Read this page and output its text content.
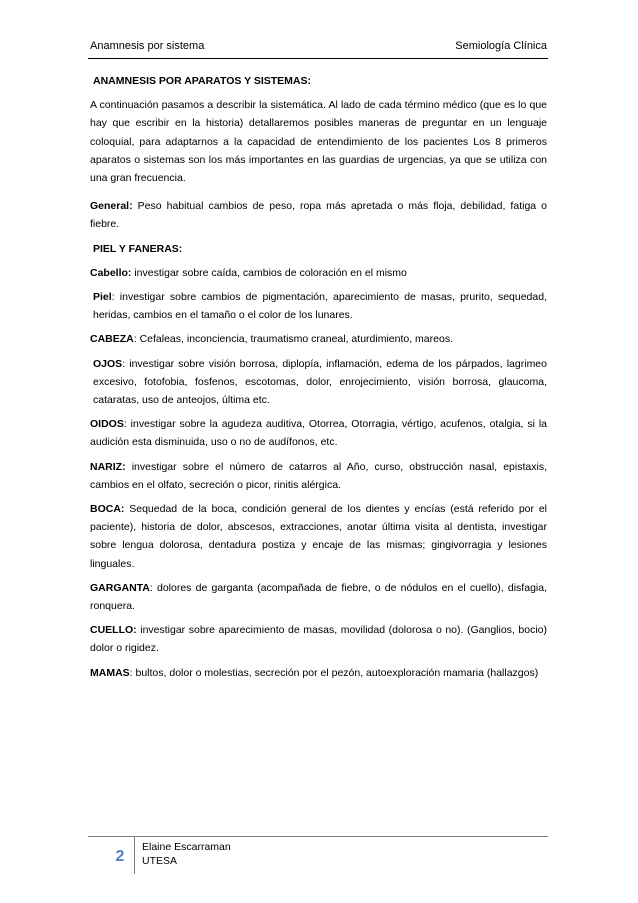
Anamnesis por sistema	Semiología Clínica

ANAMNESIS POR APARATOS Y SISTEMAS:

A continuación pasamos a describir la sistemática. Al lado de cada término médico (que es lo que hay que escribir en la historia) detallaremos posibles maneras de preguntar en un lenguaje coloquial, para adaptarnos a la capacidad de entendimiento de los pacientes Los 8 primeros aparatos o sistemas son los más importantes en las guardias de urgencias, ya que se utiliza con una gran frecuencia.

General: Peso habitual cambios de peso, ropa más apretada o más floja, debilidad, fatiga o fiebre.

PIEL Y FANERAS:

Cabello: investigar sobre caída, cambios de coloración en el mismo

Piel: investigar sobre cambios de pigmentación, aparecimiento de masas, prurito, sequedad, heridas, cambios en el tamaño o el color de los lunares.

CABEZA: Cefaleas, inconciencia, traumatismo craneal, aturdimiento, mareos.

OJOS: investigar sobre visión borrosa, diplopía, inflamación, edema de los párpados, lagrimeo excesivo, fotofobia, fosfenos, escotomas, dolor, enrojecimiento, visión borrosa, glaucoma, cataratas, uso de anteojos, última etc.

OIDOS: investigar sobre la agudeza auditiva, Otorrea, Otorragia, vértigo, acufenos, otalgia, si la audición esta disminuida, uso o no de audífonos, etc.

NARIZ: investigar sobre el número de catarros al Año, curso, obstrucción nasal, epistaxis, cambios en el olfato, secreción o picor, rinitis alérgica.

BOCA: Sequedad de la boca, condición general de los dientes y encías (está referido por el paciente), historia de dolor, abscesos, extracciones, anotar última visita al dentista, investigar sobre lengua dolorosa, dentadura postiza y encaje de las mismas; gingivorragia y lesiones linguales.

GARGANTA: dolores de garganta (acompañada de fiebre, o de nódulos en el cuello), disfagia, ronquera.

CUELLO: investigar sobre aparecimiento de masas, movilidad (dolorosa o no). (Ganglios, bocio) dolor o rigidez.

MAMAS: bultos, dolor o molestias, secreción por el pezón, autoexploración mamaria (hallazgos)

2
Elaine Escarraman
UTESA
